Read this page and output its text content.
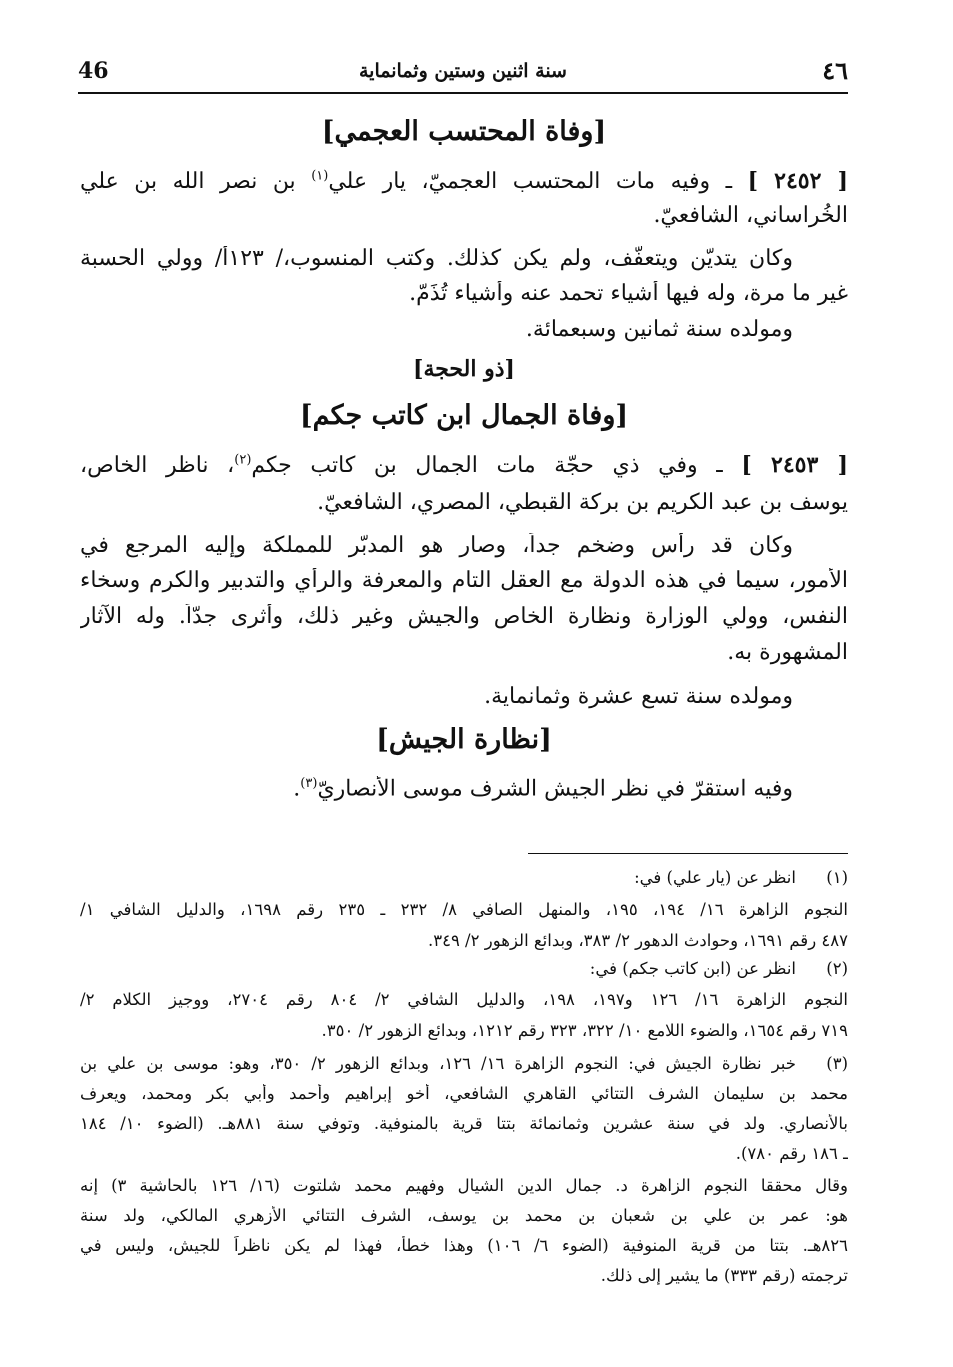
46	سنة اثنين وستين وثمانماية	٤٦
[وفاة المحتسب العجمي]
[ ٢٤٥٢ ] ـ وفيه مات المحتسب العجميّ، يار علي$^{(١)}$ بن نصر الله بن علي
الخُراساني، الشافعيّ.
وكان يتديّن ويتعفّف، ولم يكن كذلك. وكتب المنسوب،/ ١٢٣أ/ وولي الحسبة
غير ما مرة، وله فيها أشياء تحمد عنه وأشياء تُذَمّ.
ومولده سنة ثمانين وسبعمائة.
[ذو الحجة]
[وفاة الجمال ابن كاتب جكم]
[ ٢٤٥٣ ] ـ وفي ذي حجّة مات الجمال بن كاتب جكم$^{(٢)}$، ناظر الخاص،
يوسف بن عبد الكريم بن بركة القبطي، المصري، الشافعيّ.
وكان قد رأس وضخم جداً، وصار هو المدبّر للمملكة وإليه المرجع في
الأمور، سيما في هذه الدولة مع العقل التام والمعرفة والرأي والتدبير والكرم وسخاء
النفس، وولي الوزارة ونظارة الخاص والجيش وغير ذلك، وأثرى جدّاً. وله الآثار
المشهورة به.
ومولده سنة تسع عشرة وثمانماية.
[نظارة الجيش]
وفيه استقرّ في نظر الجيش الشرف موسى الأنصاريّ$^{(٣)}$.
(١)
انظر عن (يار علي) في:
النجوم الزاهرة ١٦/ ١٩٤، ١٩٥، والمنهل الصافي ٨/ ٢٣٢ ـ ٢٣٥ رقم ١٦٩٨، والدليل الشافي ١/
٤٨٧ رقم ١٦٩١، وحوادث الدهور ٢/ ٣٨٣، وبدائع الزهور ٢/ ٣٤٩.
(٢)
انظر عن (ابن كاتب جكم) في:
النجوم الزاهرة ١٦/ ١٢٦ و١٩٧، ١٩٨، والدليل الشافي ٢/ ٨٠٤ رقم ٢٧٠٤، ووجيز الكلام ٢/
٧١٩ رقم ١٦٥٤، والضوء اللامع ١٠/ ٣٢٢، ٣٢٣ رقم ١٢١٢، وبدائع الزهور ٢/ ٣٥٠.
(٣)
خبر نظارة الجيش في: النجوم الزاهرة ١٦/ ١٢٦، وبدائع الزهور ٢/ ٣٥٠، وهو: موسى بن علي بن
محمد بن سليمان الشرف التتائي القاهري الشافعي، أخو إبراهيم وأحمد وأبي بكر ومحمد، ويعرف
بالأنصاري. ولد في سنة عشرين وثمانمائة بتتا قرية بالمنوفية. وتوفي سنة ٨٨١هـ. (الضوء ١٠/ ١٨٤
ـ ١٨٦ رقم ٧٨٠).
وقال محققا النجوم الزاهرة د. جمال الدين الشيال وفهيم محمد شلتوت (١٦/ ١٢٦ بالحاشية ٣) إنه
هو: عمر بن علي بن شعبان بن محمد بن يوسف، الشرف التتائي الأزهري المالكي، ولد سنة
٨٢٦هـ. بتتا من قرية المنوفية (الضوء ٦/ ١٠٦) وهذا خطأ، فهذا لم يكن ناظراً للجيش، وليس في
ترجمته (رقم ٣٣٣) ما يشير إلى ذلك.
